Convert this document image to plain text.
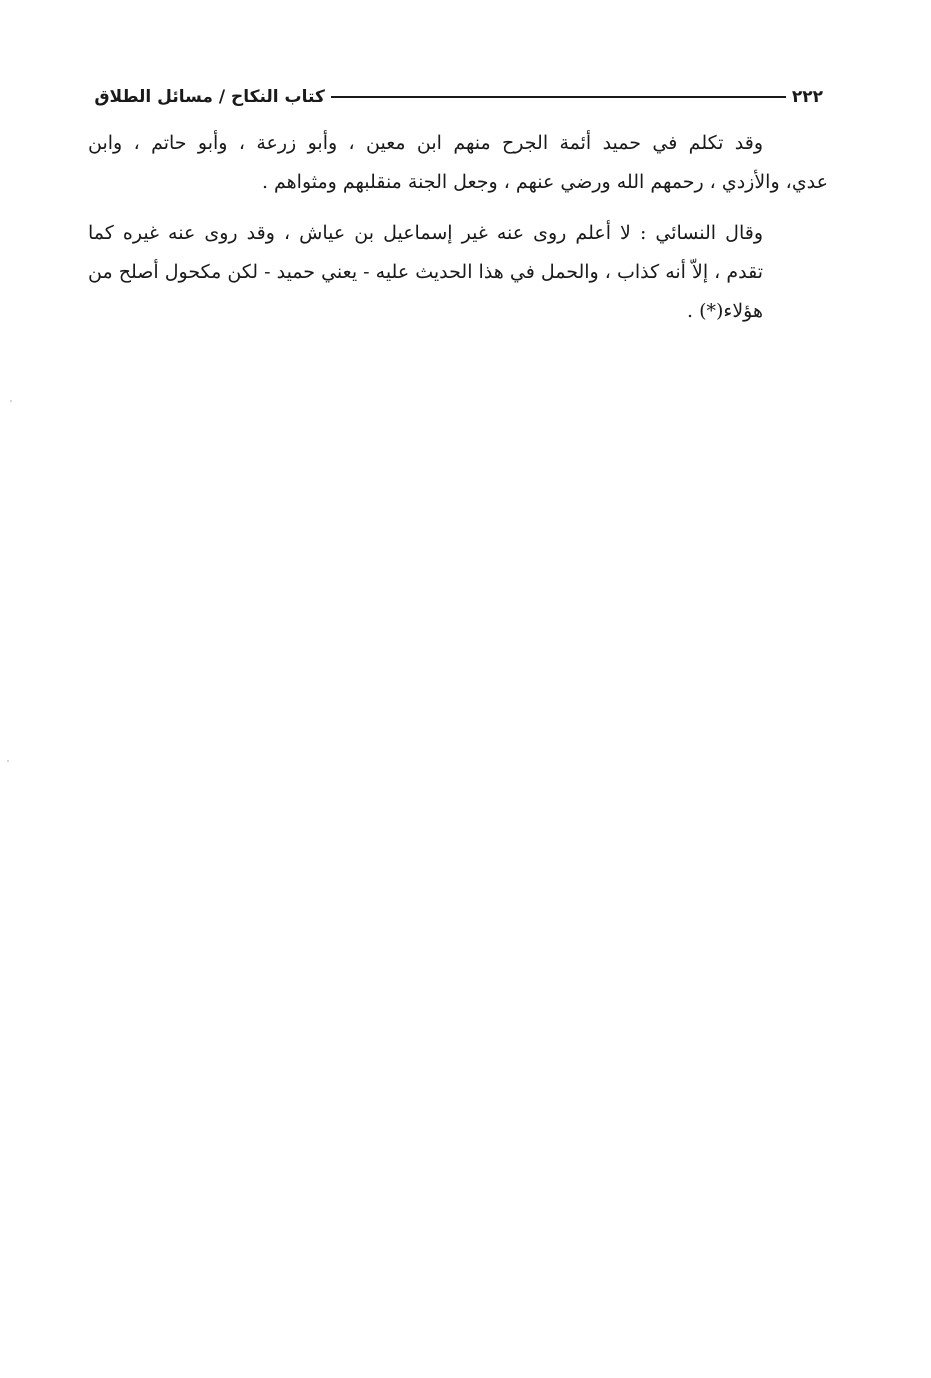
٢٢٢
كتاب النكاح / مسائل الطلاق

وقد تكلم في حميد أئمة الجرح منهم ابن معين ، وأبو زرعة ، وأبو حاتم ، وابن
عدي، والأزدي ، رحمهم الله ورضي عنهم ، وجعل الجنة منقلبهم ومثواهم .

وقال النسائي : لا أعلم روى عنه غير إسماعيل بن عياش ، وقد روى عنه غيره كما
تقدم ، إلاّ أنه كذاب ، والحمل في هذا الحديث عليه - يعني حميد - لكن مكحول أصلح من
هؤلاء(*) .
